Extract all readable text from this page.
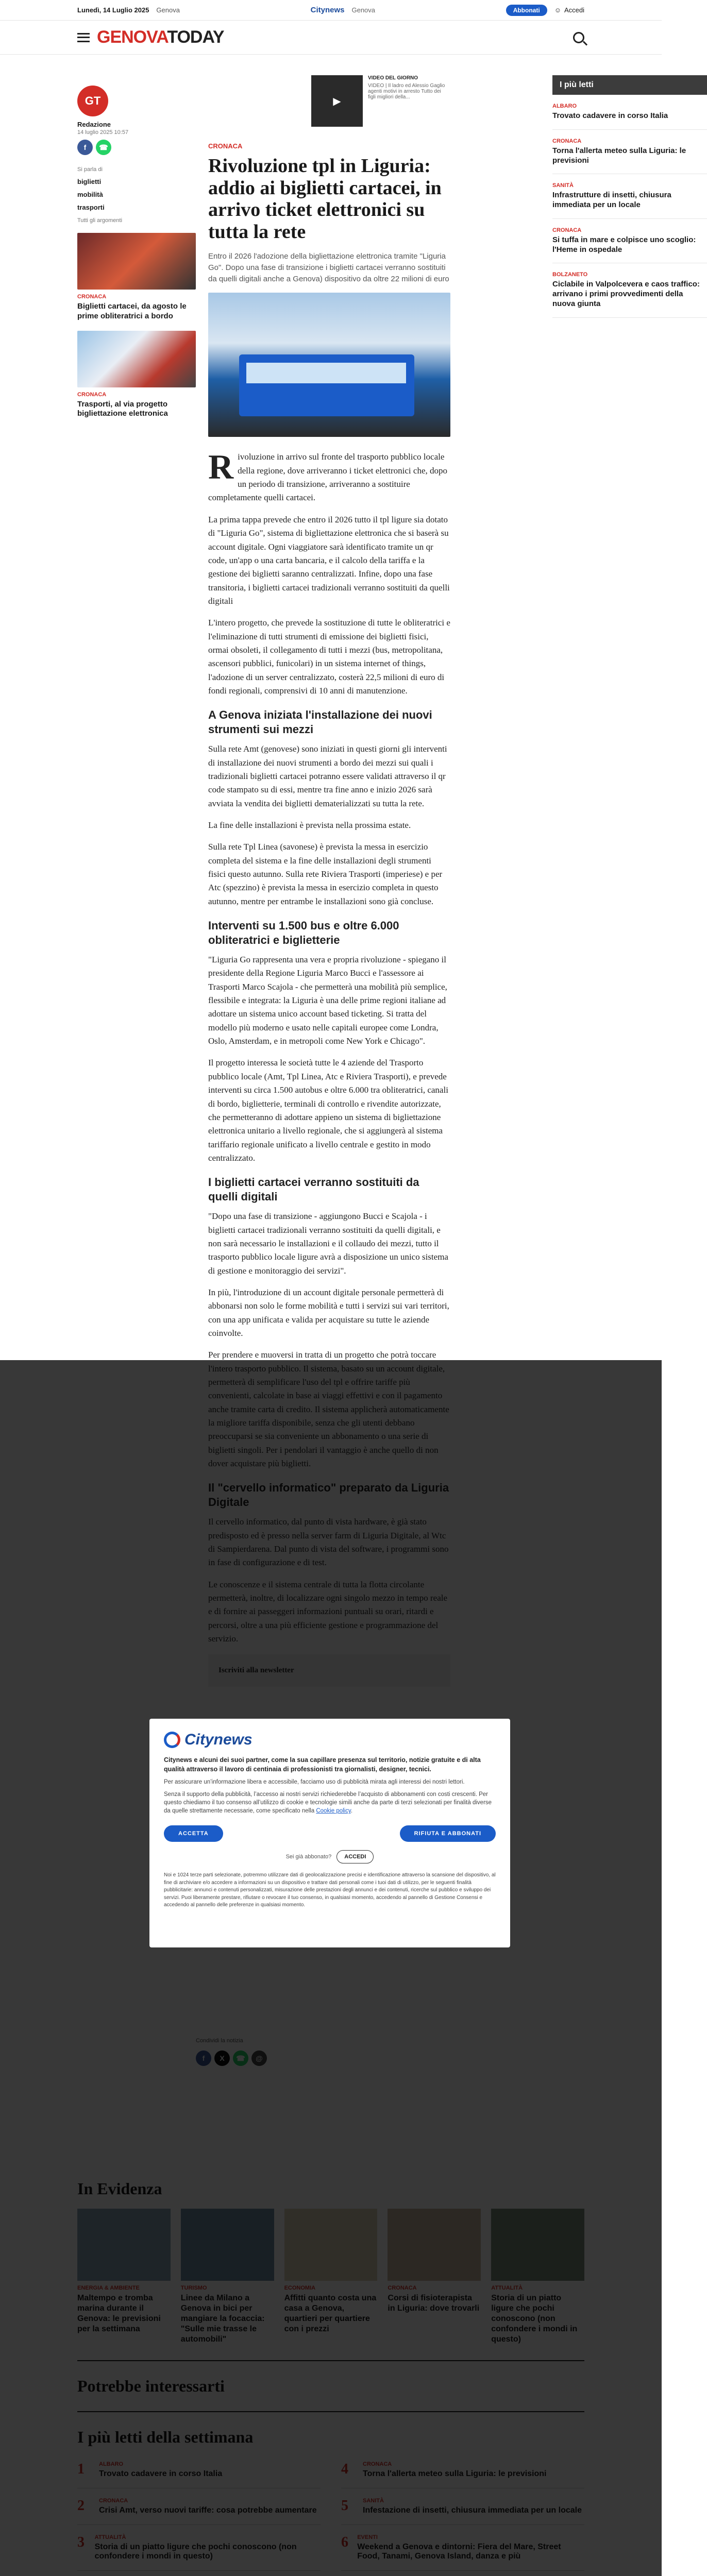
Lunedì, 14 Luglio 2025 Genova	Citynews Genova	Abbonati	☺ Accedi
GENOVATODAY
GT
Redazione
14 luglio 2025 10:57
f	☎
Si parla di
biglietti
mobilità
trasporti
Tutti gli argomenti
CRONACA
Biglietti cartacei, da agosto le prime obliteratrici a bordo
CRONACA
Trasporti, al via progetto bigliettazione elettronica
▶
VIDEO DEL GIORNO
VIDEO | Il ladro ed Alessio Gaglio agenti motivi in arresto Tutto dei figli migliori della...
CRONACA
Rivoluzione tpl in Liguria: addio ai biglietti cartacei, in arrivo ticket elettronici su tutta la rete
Entro il 2026 l'adozione della bigliettazione elettronica tramite "Liguria Go". Dopo una fase di transizione i biglietti cartacei verranno sostituiti da quelli digitali anche a Genova) dispositivo da oltre 22 milioni di euro

Rivoluzione in arrivo sul fronte del trasporto pubblico locale della regione, dove arriveranno i ticket elettronici che, dopo un periodo di transizione, arriveranno a sostituire completamente quelli cartacei.

La prima tappa prevede che entro il 2026 tutto il tpl ligure sia dotato di "Liguria Go", sistema di bigliettazione elettronica che si baserà su account digitale. Ogni viaggiatore sarà identificato tramite un qr code, un'app o una carta bancaria, e il calcolo della tariffa e la gestione dei biglietti saranno centralizzati. Infine, dopo una fase transitoria, i biglietti cartacei tradizionali verranno sostituiti da quelli digitali

L'intero progetto, che prevede la sostituzione di tutte le obliteratrici e l'eliminazione di tutti strumenti di emissione dei biglietti fisici, ormai obsoleti, il collegamento di tutti i mezzi (bus, metropolitana, ascensori pubblici, funicolari) in un sistema internet of things, l'adozione di un server centralizzato, costerà 22,5 milioni di euro di fondi regionali, comprensivi di 10 anni di manutenzione.

A Genova iniziata l'installazione dei nuovi strumenti sui mezzi

Sulla rete Amt (genovese) sono iniziati in questi giorni gli interventi di installazione dei nuovi strumenti a bordo dei mezzi sui quali i tradizionali biglietti cartacei potranno essere validati attraverso il qr code stampato su di essi, mentre tra fine anno e inizio 2026 sarà avviata la vendita dei biglietti dematerializzati su tutta la rete.

La fine delle installazioni è prevista nella prossima estate.

Sulla rete Tpl Linea (savonese) è prevista la messa in esercizio completa del sistema e la fine delle installazioni degli strumenti fisici questo autunno. Sulla rete Riviera Trasporti (imperiese) e per Atc (spezzino) è prevista la messa in esercizio completa in questo autunno, mentre per entrambe le installazioni sono già concluse.

Interventi su 1.500 bus e oltre 6.000 obliteratrici e biglietterie

"Liguria Go rappresenta una vera e propria rivoluzione - spiegano il presidente della Regione Liguria Marco Bucci e l'assessore ai Trasporti Marco Scajola - che permetterà una mobilità più semplice, flessibile e integrata: la Liguria è una delle prime regioni italiane ad adottare un sistema unico account based ticketing. Si tratta del modello più moderno e usato nelle capitali europee come Londra, Oslo, Amsterdam, e in metropoli come New York e Chicago".

Il progetto interessa le società tutte le 4 aziende del Trasporto pubblico locale (Amt, Tpl Linea, Atc e Riviera Trasporti), e prevede interventi su circa 1.500 autobus e oltre 6.000 tra obliteratrici, canali di bordo, biglietterie, terminali di controllo e rivendite autorizzate, che permetteranno di adottare appieno un sistema di bigliettazione elettronica unitario a livello regionale, che si aggiungerà al sistema tariffario regionale unificato a livello centrale e gestito in modo centralizzato.

I biglietti cartacei verranno sostituiti da quelli digitali

"Dopo una fase di transizione - aggiungono Bucci e Scajola - i biglietti cartacei tradizionali verranno sostituiti da quelli digitali, e non sarà necessario le installazioni e il collaudo dei mezzi, tutto il trasporto pubblico locale ligure avrà a disposizione un unico sistema di gestione e monitoraggio dei servizi".

In più, l'introduzione di un account digitale personale permetterà di abbonarsi non solo le forme mobilità e tutti i servizi sui vari territori, con una app unificata e valida per acquistare su tutte le aziende coinvolte.

Per prendere e muoversi in tratta di un progetto che potrà toccare

I più letti
ALBARO
Trovato cadavere in corso Italia
CRONACA
Torna l'allerta meteo sulla Liguria: le previsioni
SANITÀ
Infrastrutture di insetti, chiusura immediata per un locale
CRONACA
Si tuffa in mare e colpisce uno scoglio: l'Heme in ospedale
BOLZANETO
Ciclabile in Valpolcevera e caos traffico: arrivano i primi provvedimenti della nuova giunta
Citynews
Citynews e alcuni dei suoi partner, come la sua capillare presenza sul territorio, notizie gratuite e di alta qualità attraverso il lavoro di centinaia di professionisti tra giornalisti, designer, tecnici.
Per assicurare un’informazione libera e accessibile, facciamo uso di pubblicità mirata agli interessi dei nostri lettori.
Senza il supporto della pubblicità, l’accesso ai nostri servizi richiederebbe l’acquisto di abbonamenti con costi crescenti. Per questo chiediamo il tuo consenso all’utilizzo di cookie e tecnologie simili anche da parte di terzi selezionati per finalità diverse da quelle strettamente necessarie, come specificato nella Cookie policy.
ACCETTA	RIFIUTA E ABBONATI
Sei già abbonato?	ACCEDI
Noi e 1024 terze parti selezionate, potremmo utilizzare dati di geolocalizzazione precisi e identificazione attraverso la scansione del dispositivo, al fine di archiviare e/o accedere a informazioni su un dispositivo e trattare dati personali come i tuoi dati di utilizzo, per le seguenti finalità pubblicitarie: annunci e contenuti personalizzati, misurazione delle prestazioni degli annunci e dei contenuti, ricerche sul pubblico e sviluppo dei servizi. Puoi liberamente prestare, rifiutare o revocare il tuo consenso, in qualsiasi momento, accedendo al pannello di Gestione Consensi e accedendo al pannello delle preferenze in qualsiasi momento.
